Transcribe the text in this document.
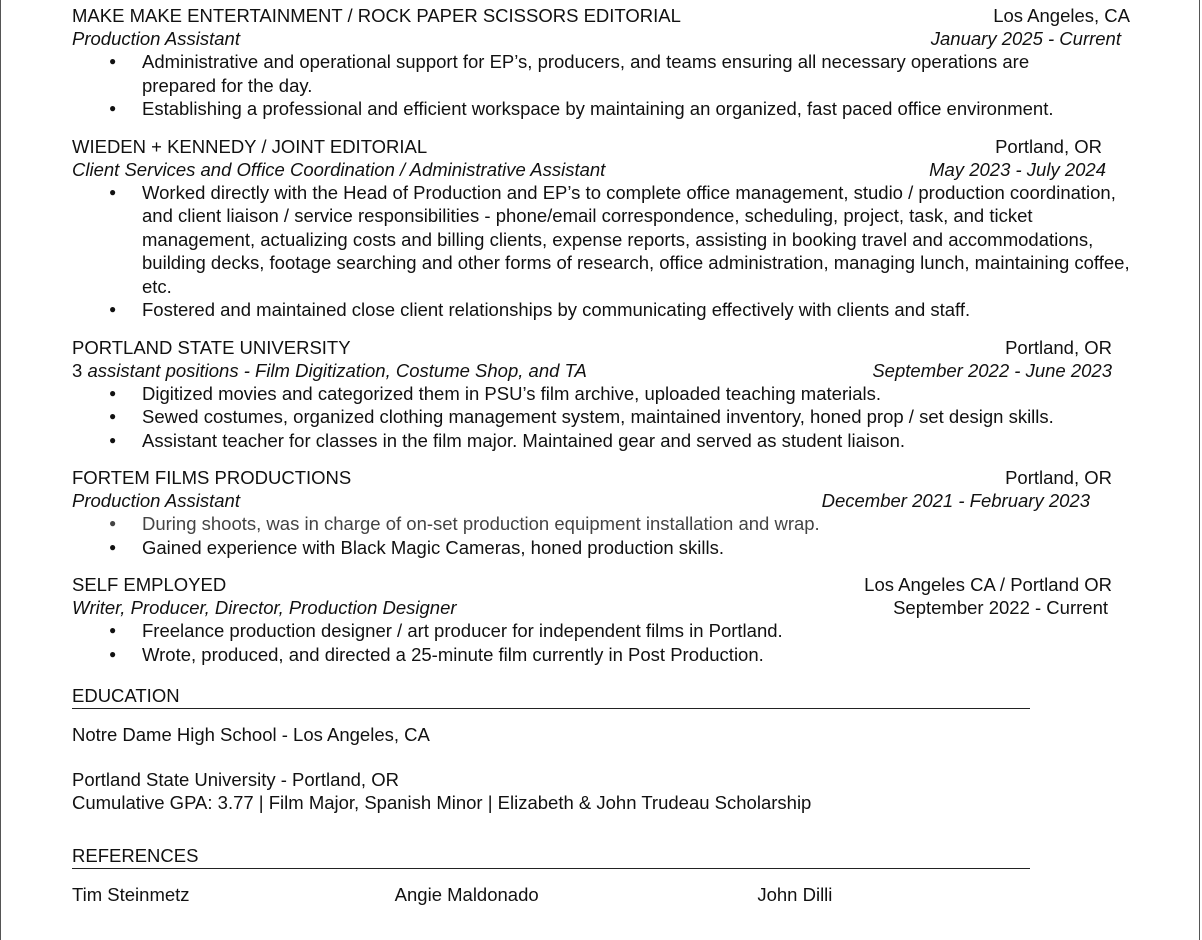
MAKE MAKE ENTERTAINMENT / ROCK PAPER SCISSORS EDITORIAL	Los Angeles, CA
Production Assistant	January 2025 - Current
● Administrative and operational support for EP’s, producers, and teams ensuring all necessary operations are prepared for the day.
● Establishing a professional and efficient workspace by maintaining an organized, fast paced office environment.
WIEDEN + KENNEDY / JOINT EDITORIAL	Portland, OR
Client Services and Office Coordination / Administrative Assistant	May 2023 - July 2024
● Worked directly with the Head of Production and EP’s to complete office management, studio / production coordination, and client liaison / service responsibilities - phone/email correspondence, scheduling, project, task, and ticket management, actualizing costs and billing clients, expense reports, assisting in booking travel and accommodations, building decks, footage searching and other forms of research, office administration, managing lunch, maintaining coffee, etc.
● Fostered and maintained close client relationships by communicating effectively with clients and staff.
PORTLAND STATE UNIVERSITY	Portland, OR
3 assistant positions - Film Digitization, Costume Shop, and TA	September 2022 - June 2023
● Digitized movies and categorized them in PSU’s film archive, uploaded teaching materials.
● Sewed costumes, organized clothing management system, maintained inventory, honed prop / set design skills.
● Assistant teacher for classes in the film major. Maintained gear and served as student liaison.
FORTEM FILMS PRODUCTIONS	Portland, OR
Production Assistant	December 2021 - February 2023
● During shoots, was in charge of on-set production equipment installation and wrap.
● Gained experience with Black Magic Cameras, honed production skills.
SELF EMPLOYED	Los Angeles CA / Portland OR
Writer, Producer, Director, Production Designer	September 2022 - Current
● Freelance production designer / art producer for independent films in Portland.
● Wrote, produced, and directed a 25-minute film currently in Post Production.
EDUCATION
Notre Dame High School - Los Angeles, CA
Portland State University - Portland, OR
Cumulative GPA: 3.77 | Film Major, Spanish Minor | Elizabeth & John Trudeau Scholarship
REFERENCES
Tim Steinmetz	Angie Maldonado	John Dilli
